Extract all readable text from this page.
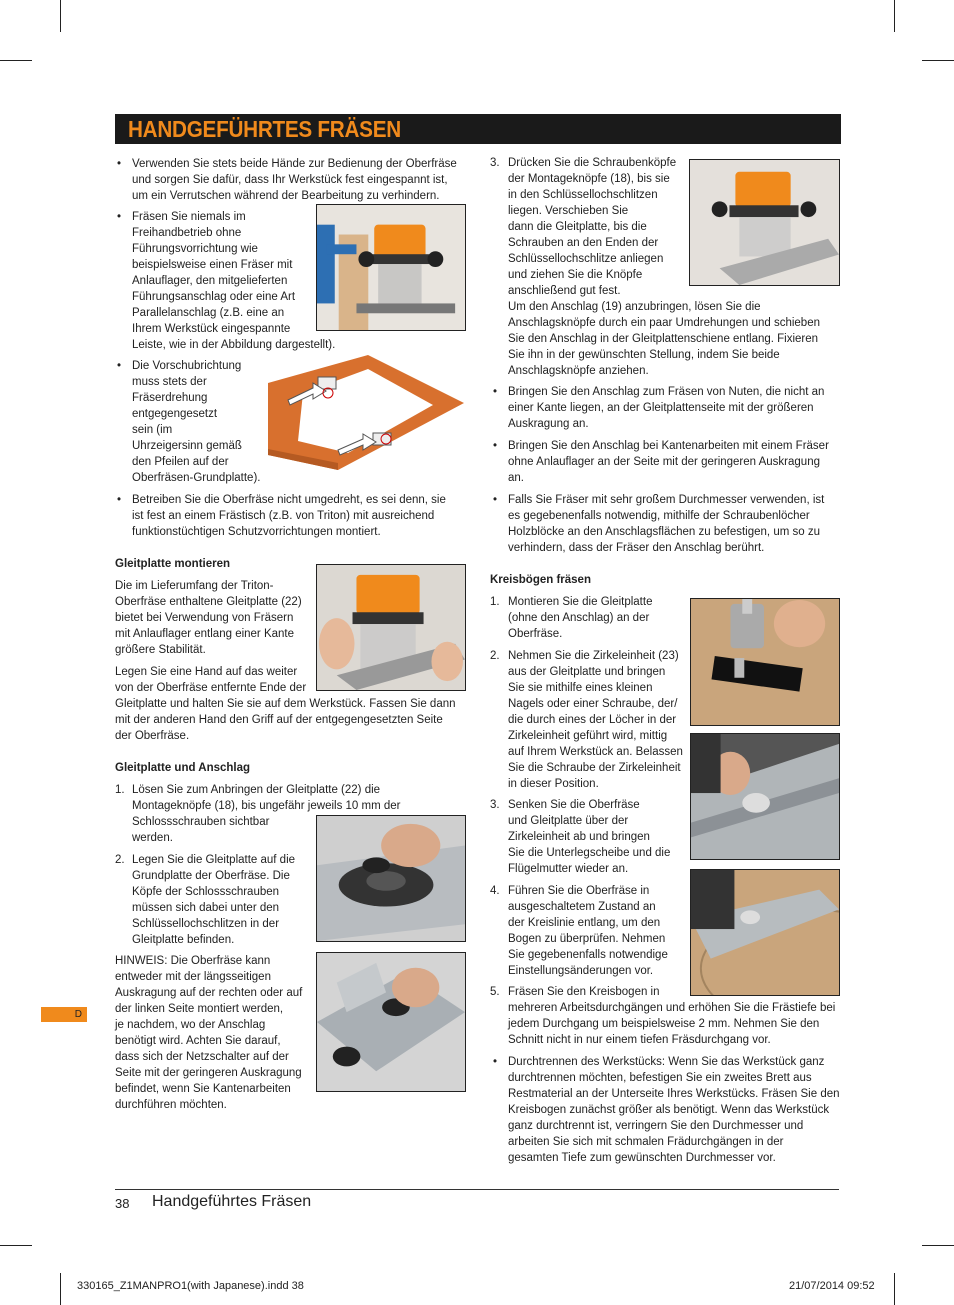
HANDGEFÜHRTES FRÄSEN
D
38 Handgeführtes Fräsen
330165_Z1MANPRO1(with Japanese).indd 38	21/07/2014 09:52
• Verwenden Sie stets beide Hände zur Bedienung der Oberfräse
und sorgen Sie dafür, dass Ihr Werkstück fest eingespannt ist,
um ein Verrutschen während der Bearbeitung zu verhindern.
• Fräsen Sie niemals im
Freihandbetrieb ohne
Führungsvorrichtung wie
beispielsweise einen Fräser mit
Anlauflager, den mitgelieferten
Führungsanschlag oder eine Art
Parallelanschlag (z.B. eine an
Ihrem Werkstück eingespannte
Leiste, wie in der Abbildung dargestellt).
• Die Vorschubrichtung
muss stets der
Fräserdrehung
entgegengesetzt
sein (im
Uhrzeigersinn gemäß
den Pfeilen auf der
Oberfräsen-Grundplatte).
• Betreiben Sie die Oberfräse nicht umgedreht, es sei denn, sie
ist fest an einem Frästisch (z.B. von Triton) mit ausreichend
funktionstüchtigen Schutzvorrichtungen montiert.
Gleitplatte montieren
Die im Lieferumfang der Triton-
Oberfräse enthaltene Gleitplatte (22)
bietet bei Verwendung von Fräsern
mit Anlauflager entlang einer Kante
größere Stabilität.
Legen Sie eine Hand auf das weiter
von der Oberfräse entfernte Ende der
Gleitplatte und halten Sie sie auf dem Werkstück. Fassen Sie dann
mit der anderen Hand den Griff auf der entgegengesetzten Seite
der Oberfräse.
Gleitplatte und Anschlag
1. Lösen Sie zum Anbringen der Gleitplatte (22) die
Montageknöpfe (18), bis ungefähr jeweils 10 mm der
Schlossschrauben sichtbar
werden.
2. Legen Sie die Gleitplatte auf die
Grundplatte der Oberfräse. Die
Köpfe der Schlossschrauben
müssen sich dabei unter den
Schlüssellochschlitzen in der
Gleitplatte befinden.
HINWEIS: Die Oberfräse kann
entweder mit der längsseitigen
Auskragung auf der rechten oder auf
der linken Seite montiert werden,
je nachdem, wo der Anschlag
benötigt wird. Achten Sie darauf,
dass sich der Netzschalter auf der
Seite mit der geringeren Auskragung
befindet, wenn Sie Kantenarbeiten
durchführen möchten.
3. Drücken Sie die Schraubenköpfe
der Montageknöpfe (18), bis sie
in den Schlüssellochschlitzen
liegen. Verschieben Sie
dann die Gleitplatte, bis die
Schrauben an den Enden der
Schlüssellochschlitze anliegen
und ziehen Sie die Knöpfe
anschließend gut fest.
Um den Anschlag (19) anzubringen, lösen Sie die
Anschlagsknöpfe durch ein paar Umdrehungen und schieben
Sie den Anschlag in der Gleitplattenschiene entlang. Fixieren
Sie ihn in der gewünschten Stellung, indem Sie beide
Anschlagsknöpfe anziehen.
• Bringen Sie den Anschlag zum Fräsen von Nuten, die nicht an
einer Kante liegen, an der Gleitplattenseite mit der größeren
Auskragung an.
• Bringen Sie den Anschlag bei Kantenarbeiten mit einem Fräser
ohne Anlauflager an der Seite mit der geringeren Auskragung
an.
• Falls Sie Fräser mit sehr großem Durchmesser verwenden, ist
es gegebenenfalls notwendig, mithilfe der Schraubenlöcher
Holzblöcke an den Anschlagsflächen zu befestigen, um so zu
verhindern, dass der Fräser den Anschlag berührt.
Kreisbögen fräsen
1. Montieren Sie die Gleitplatte
(ohne den Anschlag) an der
Oberfräse.
2. Nehmen Sie die Zirkeleinheit (23)
aus der Gleitplatte und bringen
Sie sie mithilfe eines kleinen
Nagels oder einer Schraube, der/
die durch eines der Löcher in der
Zirkeleinheit geführt wird, mittig
auf Ihrem Werkstück an. Belassen
Sie die Schraube der Zirkeleinheit
in dieser Position.
3. Senken Sie die Oberfräse
und Gleitplatte über der
Zirkeleinheit ab und bringen
Sie die Unterlegscheibe und die
Flügelmutter wieder an.
4. Führen Sie die Oberfräse in
ausgeschaltetem Zustand an
der Kreislinie entlang, um den
Bogen zu überprüfen. Nehmen
Sie gegebenenfalls notwendige
Einstellungsänderungen vor.
5. Fräsen Sie den Kreisbogen in
mehreren Arbeitsdurchgängen und erhöhen Sie die Frästiefe bei
jedem Durchgang um beispielsweise 2 mm. Nehmen Sie den
Schnitt nicht in nur einem tiefen Fräsdurchgang vor.
• Durchtrennen des Werkstücks: Wenn Sie das Werkstück ganz
durchtrennen möchten, befestigen Sie ein zweites Brett aus
Restmaterial an der Unterseite Ihres Werkstücks. Fräsen Sie den
Kreisbogen zunächst größer als benötigt. Wenn das Werkstück
ganz durchtrennt ist, verringern Sie den Durchmesser und
arbeiten Sie sich mit schmalen Frädurchgängen in der
gesamten Tiefe zum gewünschten Durchmesser vor.
